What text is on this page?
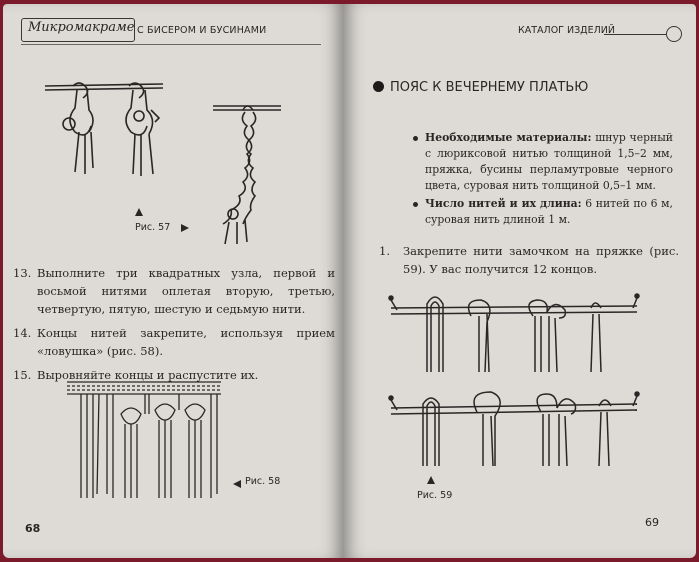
Микромакраме С БИСЕРОМ И БУСИНАМИ
Рис. 57
13. Выполните три квадратных узла, первой и восьмой нитями оплетая вторую, третью, четвертую, пятую, шестую и седьмую нити.
14. Концы нитей закрепите, используя прием «ловушка» (рис. 58).
15. Выровняйте концы и распустите их.
Рис. 58
68
КАТАЛОГ ИЗДЕЛИЙ
ПОЯС К ВЕЧЕРНЕМУ ПЛАТЬЮ
Необходимые материалы: шнур черный с люриксовой нитью толщиной 1,5–2 мм, пряжка, бусины перламутровые черного цвета, суровая нить толщиной 0,5–1 мм.
Число нитей и их длина: 6 нитей по 6 м, суровая нить длиной 1 м.
1.	Закрепите нити замочком на пряжке (рис. 59). У вас получится 12 концов.
Рис. 59
69
